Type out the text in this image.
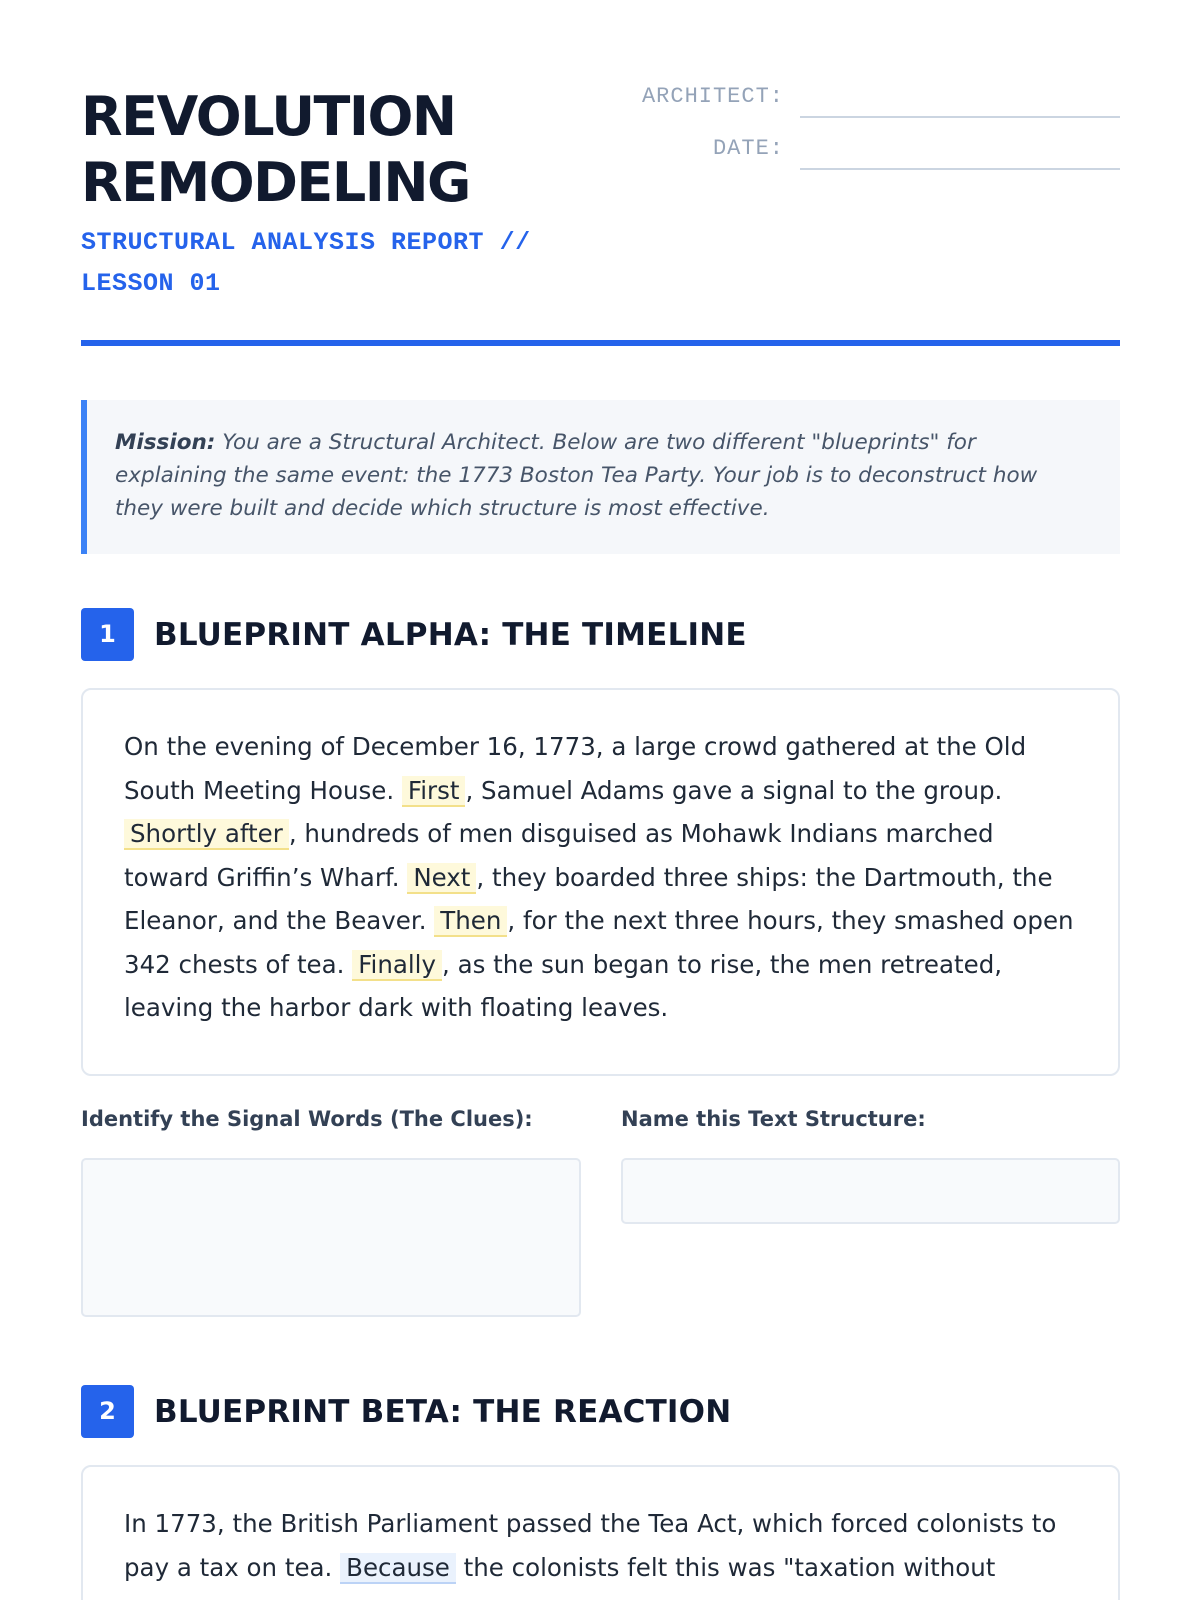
REVOLUTION
REMODELING
STRUCTURAL ANALYSIS REPORT //
LESSON 01
ARCHITECT:
DATE:
Mission: You are a Structural Architect. Below are two different "blueprints" for explaining the same event: the 1773 Boston Tea Party. Your job is to deconstruct how they were built and decide which structure is most effective.
1	BLUEPRINT ALPHA: THE TIMELINE
On the evening of December 16, 1773, a large crowd gathered at the Old South Meeting House. First , Samuel Adams gave a signal to the group. Shortly after , hundreds of men disguised as Mohawk Indians marched toward Griffin’s Wharf. Next , they boarded three ships: the Dartmouth, the Eleanor, and the Beaver. Then , for the next three hours, they smashed open 342 chests of tea. Finally , as the sun began to rise, the men retreated, leaving the harbor dark with floating leaves.
Identify the Signal Words (The Clues):	Name this Text Structure:
2	BLUEPRINT BETA: THE REACTION
In 1773, the British Parliament passed the Tea Act, which forced colonists to pay a tax on tea. Because the colonists felt this was "taxation without
